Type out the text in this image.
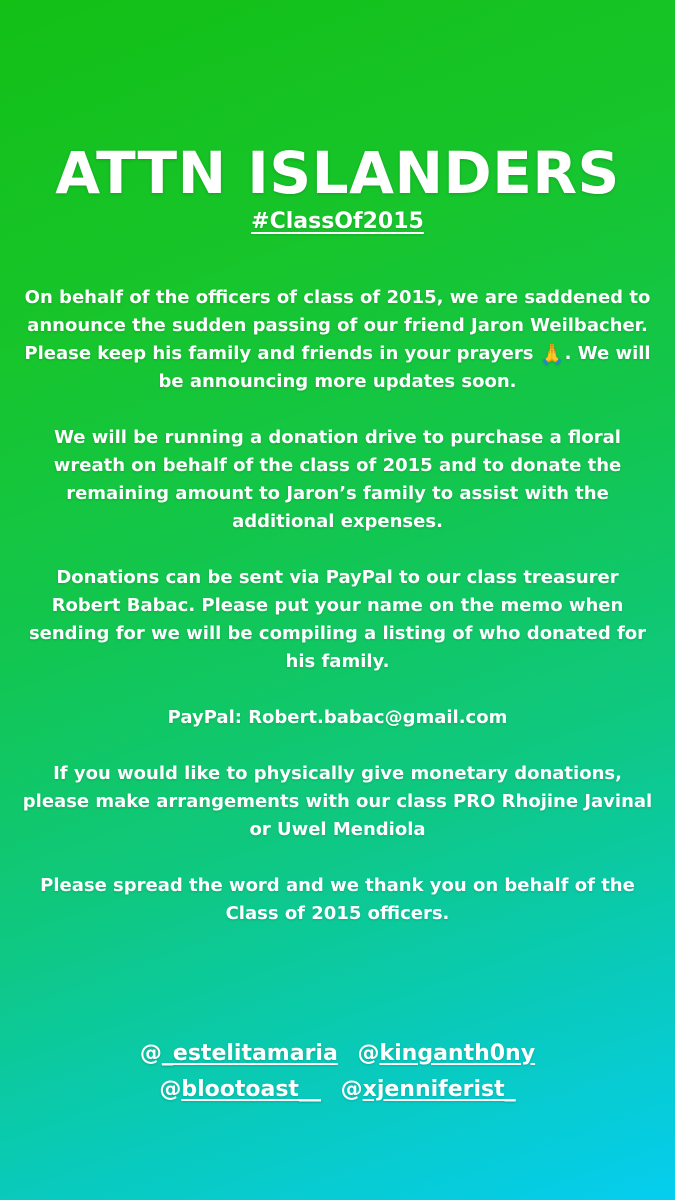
ATTN ISLANDERS
#ClassOf2015

On behalf of the officers of class of 2015, we are saddened to announce the sudden passing of our friend Jaron Weilbacher. Please keep his family and friends in your prayers 🙏. We will be announcing more updates soon.

We will be running a donation drive to purchase a floral wreath on behalf of the class of 2015 and to donate the remaining amount to Jaron’s family to assist with the additional expenses.

Donations can be sent via PayPal to our class treasurer Robert Babac. Please put your name on the memo when sending for we will be compiling a listing of who donated for his family.

PayPal: Robert.babac@gmail.com

If you would like to physically give monetary donations, please make arrangements with our class PRO Rhojine Javinal or Uwel Mendiola

Please spread the word and we thank you on behalf of the Class of 2015 officers.

@_estelitamaria @kinganth0ny
@blootoast__ @xjenniferist_
